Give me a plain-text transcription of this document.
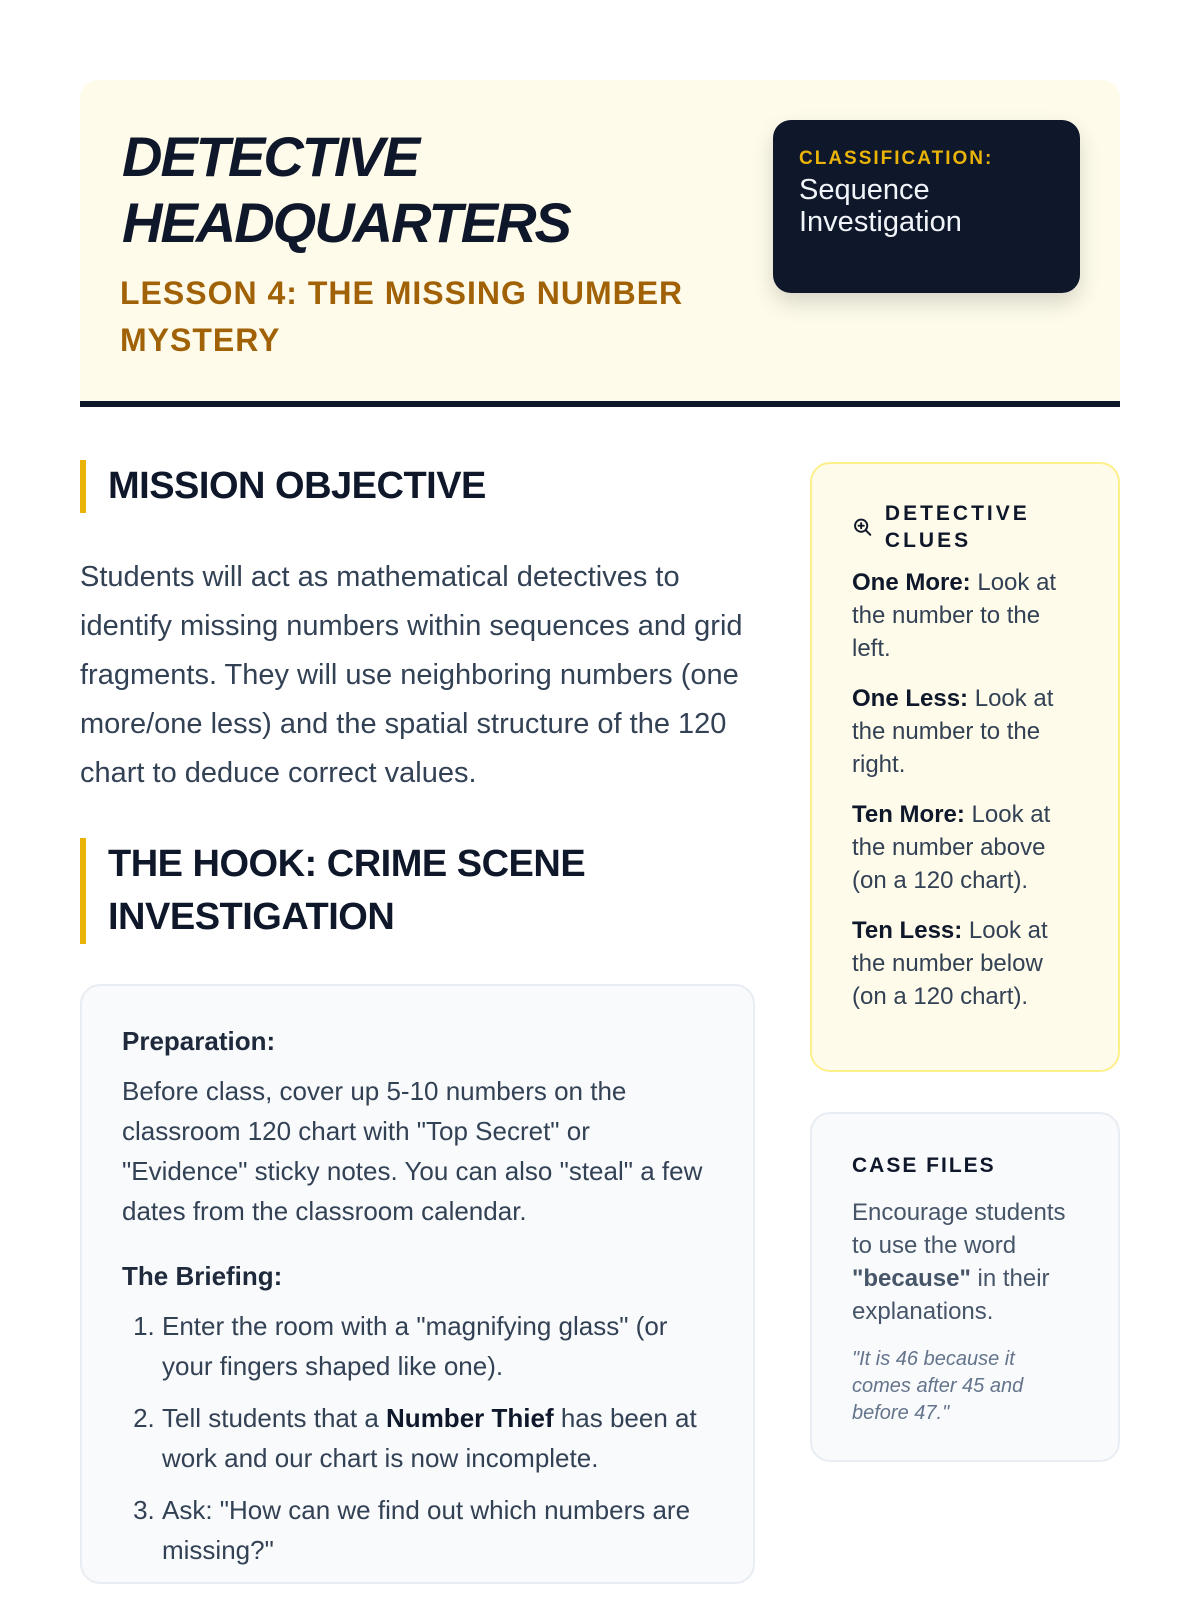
DETECTIVE
HEADQUARTERS
LESSON 4: THE MISSING NUMBER MYSTERY
CLASSIFICATION:
Sequence Investigation
MISSION OBJECTIVE

Students will act as mathematical detectives to identify missing numbers within sequences and grid fragments. They will use neighboring numbers (one more/one less) and the spatial structure of the 120 chart to deduce correct values.

THE HOOK: CRIME SCENE INVESTIGATION
Preparation:

Before class, cover up 5-10 numbers on the classroom 120 chart with "Top Secret" or "Evidence" sticky notes. You can also "steal" a few dates from the classroom calendar.

The Briefing:
1. Enter the room with a "magnifying glass" (or your fingers shaped like one).
2. Tell students that a Number Thief has been at work and our chart is now incomplete.
3. Ask: "How can we find out which numbers are missing?"
DETECTIVE CLUES
One More: Look at the number to the left.
One Less: Look at the number to the right.
Ten More: Look at the number above (on a 120 chart).
Ten Less: Look at the number below (on a 120 chart).
CASE FILES

Encourage students to use the word "because" in their explanations.

"It is 46 because it comes after 45 and before 47."
